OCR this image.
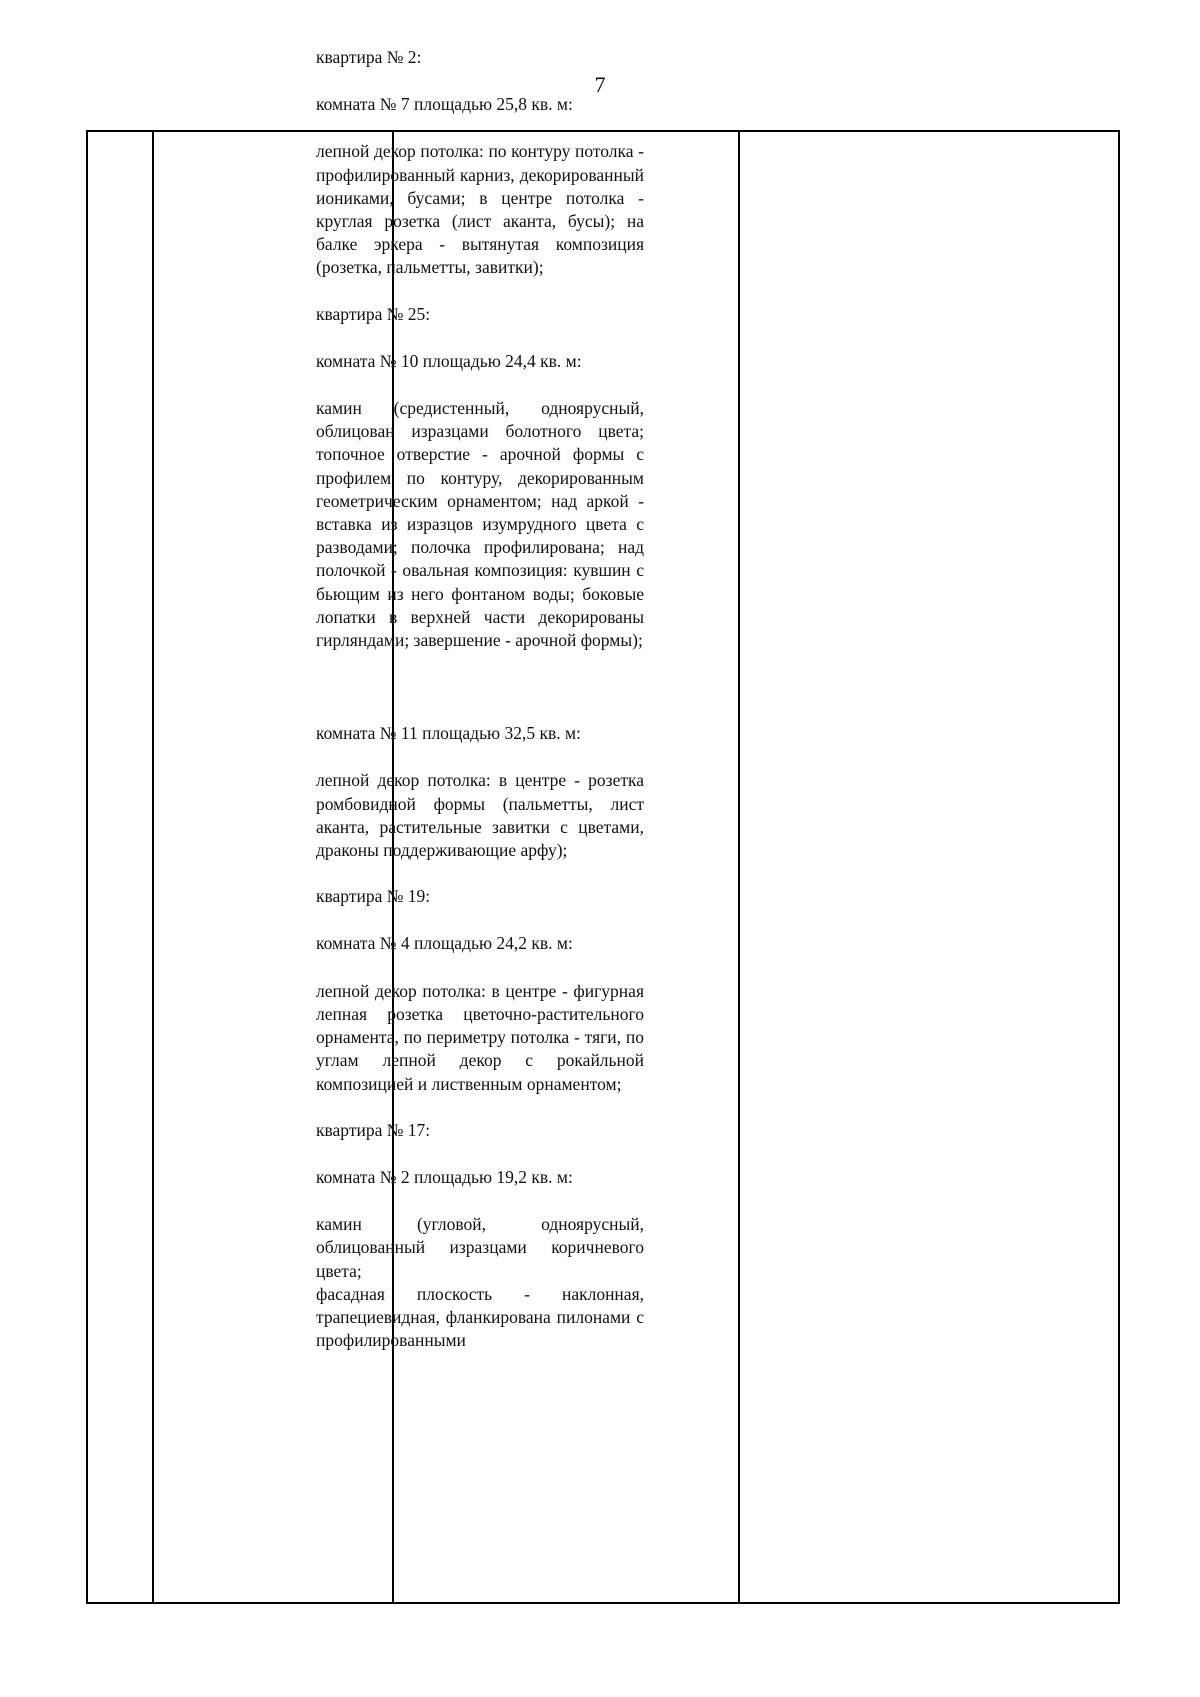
7

квартира № 2:

комната № 7 площадью 25,8 кв. м:

лепной декор потолка: по контуру потолка - профилированный карниз, декорированный иониками, бусами; в центре потолка - круглая розетка (лист аканта, бусы); на балке эркера - вытянутая композиция (розетка, пальметты, завитки);

квартира № 25:

комната № 10 площадью 24,4 кв. м:

камин (средистенный, одноярусный, облицован изразцами болотного цвета; топочное отверстие - арочной формы с профилем по контуру, декорированным геометрическим орнаментом; над аркой - вставка из изразцов изумрудного цвета с разводами; полочка профилирована; над полочкой - овальная композиция: кувшин с бьющим из него фонтаном воды; боковые лопатки в верхней части декорированы гирляндами; завершение - арочной формы);

комната № 11 площадью 32,5 кв. м:

лепной декор потолка: в центре - розетка ромбовидной формы (пальметты, лист аканта, растительные завитки с цветами, драконы поддерживающие арфу);

квартира № 19:

комната № 4 площадью 24,2 кв. м:

лепной декор потолка: в центре - фигурная лепная розетка цветочно-растительного орнамента, по периметру потолка - тяги, по углам лепной декор с рокайльной композицией и лиственным орнаментом;

квартира № 17:

комната № 2 площадью 19,2 кв. м:

камин (угловой, одноярусный, облицованный изразцами коричневого цвета;

фасадная плоскость - наклонная, трапециевидная, фланкирована пилонами с профилированными
